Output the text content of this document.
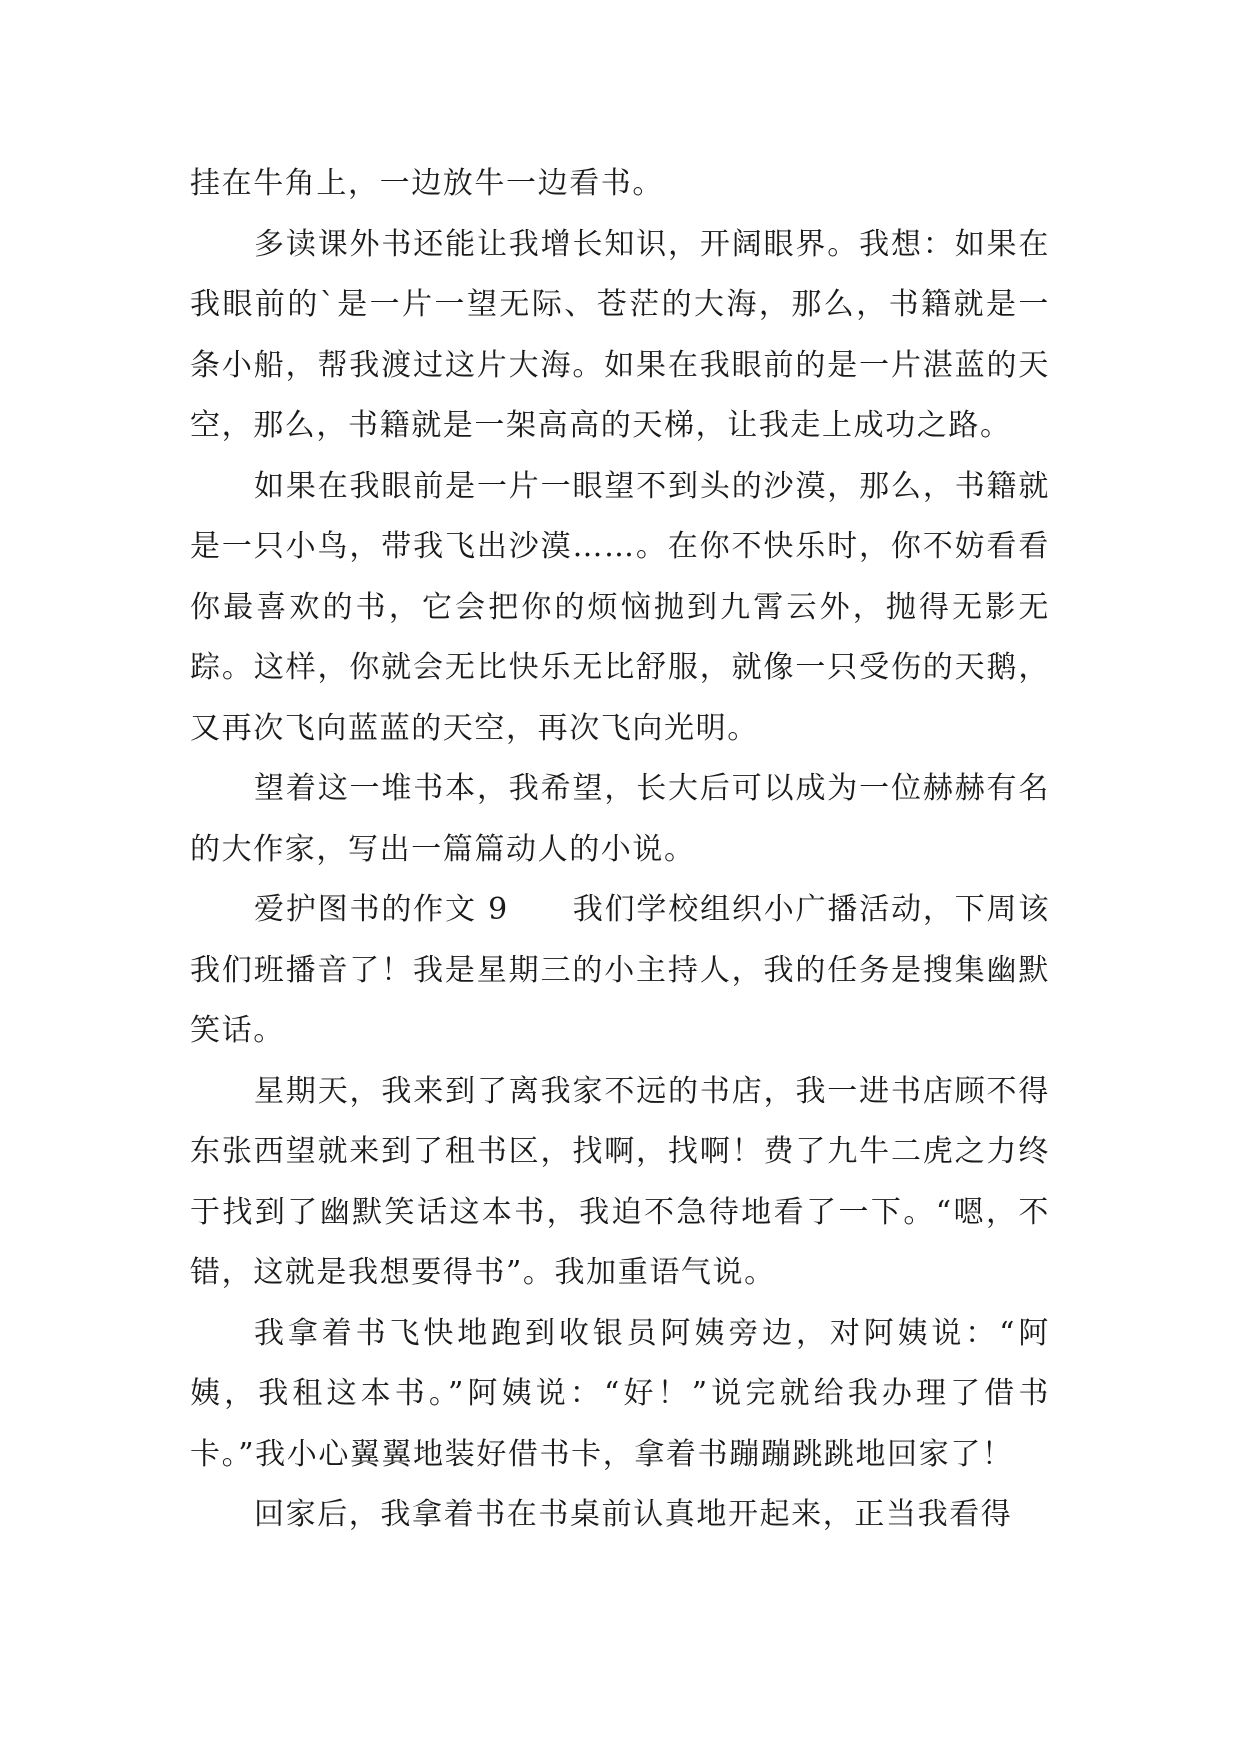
挂在牛角上，一边放牛一边看书。

多读课外书还能让我增长知识，开阔眼界。我想：如果在我眼前的`是一片一望无际、苍茫的大海，那么，书籍就是一条小船，帮我渡过这片大海。如果在我眼前的是一片湛蓝的天空，那么，书籍就是一架高高的天梯，让我走上成功之路。

如果在我眼前是一片一眼望不到头的沙漠，那么，书籍就是一只小鸟，带我飞出沙漠……。在你不快乐时，你不妨看看你最喜欢的书，它会把你的烦恼抛到九霄云外，抛得无影无踪。这样，你就会无比快乐无比舒服，就像一只受伤的天鹅，又再次飞向蓝蓝的天空，再次飞向光明。

望着这一堆书本，我希望，长大后可以成为一位赫赫有名的大作家，写出一篇篇动人的小说。

爱护图书的作文 9　　我们学校组织小广播活动，下周该我们班播音了！我是星期三的小主持人，我的任务是搜集幽默笑话。

星期天，我来到了离我家不远的书店，我一进书店顾不得东张西望就来到了租书区，找啊，找啊！费了九牛二虎之力终于找到了幽默笑话这本书，我迫不急待地看了一下。“嗯，不错，这就是我想要得书”。我加重语气说。

我拿着书飞快地跑到收银员阿姨旁边，对阿姨说：“阿姨，我租这本书。”阿姨说：“好！”说完就给我办理了借书卡。”我小心翼翼地装好借书卡，拿着书蹦蹦跳跳地回家了！

回家后，我拿着书在书桌前认真地开起来，正当我看得
